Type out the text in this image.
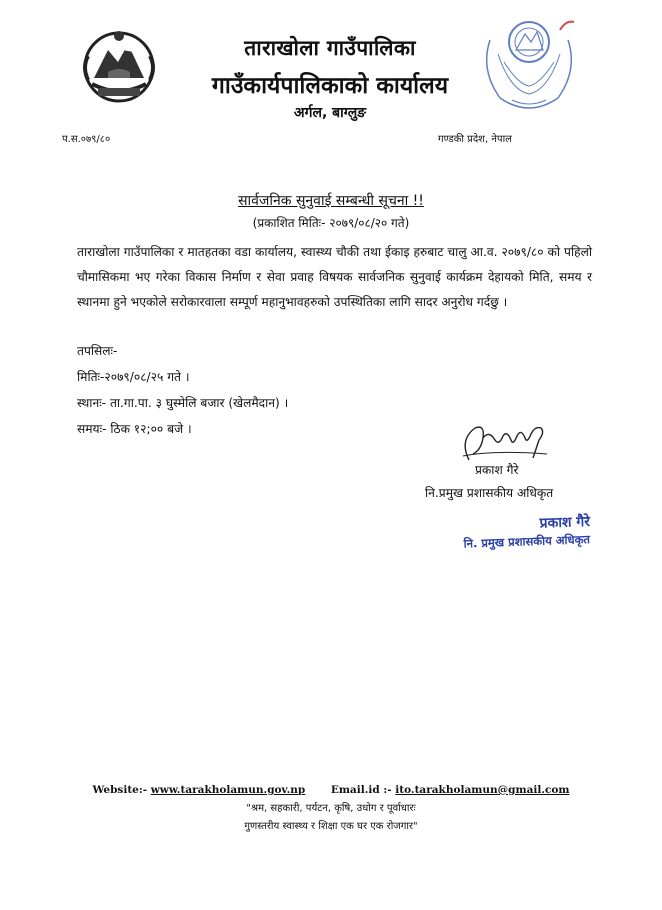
ताराखोला गाउँपालिका
गाउँकार्यपालिकाको कार्यालय
अर्गल, बाग्लुङ
प.स.०७९/८०	गण्डकी प्रदेश, नेपाल
सार्वजनिक सुनुवाई सम्बन्धी सूचना !!
(प्रकाशित मितिः- २०७९/०८/२० गते)
ताराखोला गाउँपालिका र मातहतका वडा कार्यालय, स्वास्थ्य चौकी तथा ईकाइ हरुबाट चालु आ.व. २०७९/८० को पहिलो चौमासिकमा भए गरेका विकास निर्माण र सेवा प्रवाह विषयक सार्वजनिक सुनुवाई कार्यक्रम देहायको मिति, समय र स्थानमा हुने भएकोले सरोकारवाला सम्पूर्ण महानुभावहरुको उपस्थितिका लागि सादर अनुरोध गर्दछु ।
तपसिलः-
मितिः-२०७९/०८/२५ गते ।
स्थानः- ता.गा.पा. ३ घुस्मेलि बजार (खेलमैदान) ।
समयः- ठिक १२;०० बजे ।
प्रकाश गैरे
नि.प्रमुख प्रशासकीय अधिकृत
प्रकाश गैरे
नि. प्रमुख प्रशासकीय अधिकृत
Website:- www.tarakholamun.gov.np Email.id :- ito.tarakholamun@gmail.com
"श्रम, सहकारी, पर्यटन, कृषि, उधोग र पूर्वाधारः
गुणस्तरीय स्वास्थ्य र शिक्षा एक घर एक रोजगार"
